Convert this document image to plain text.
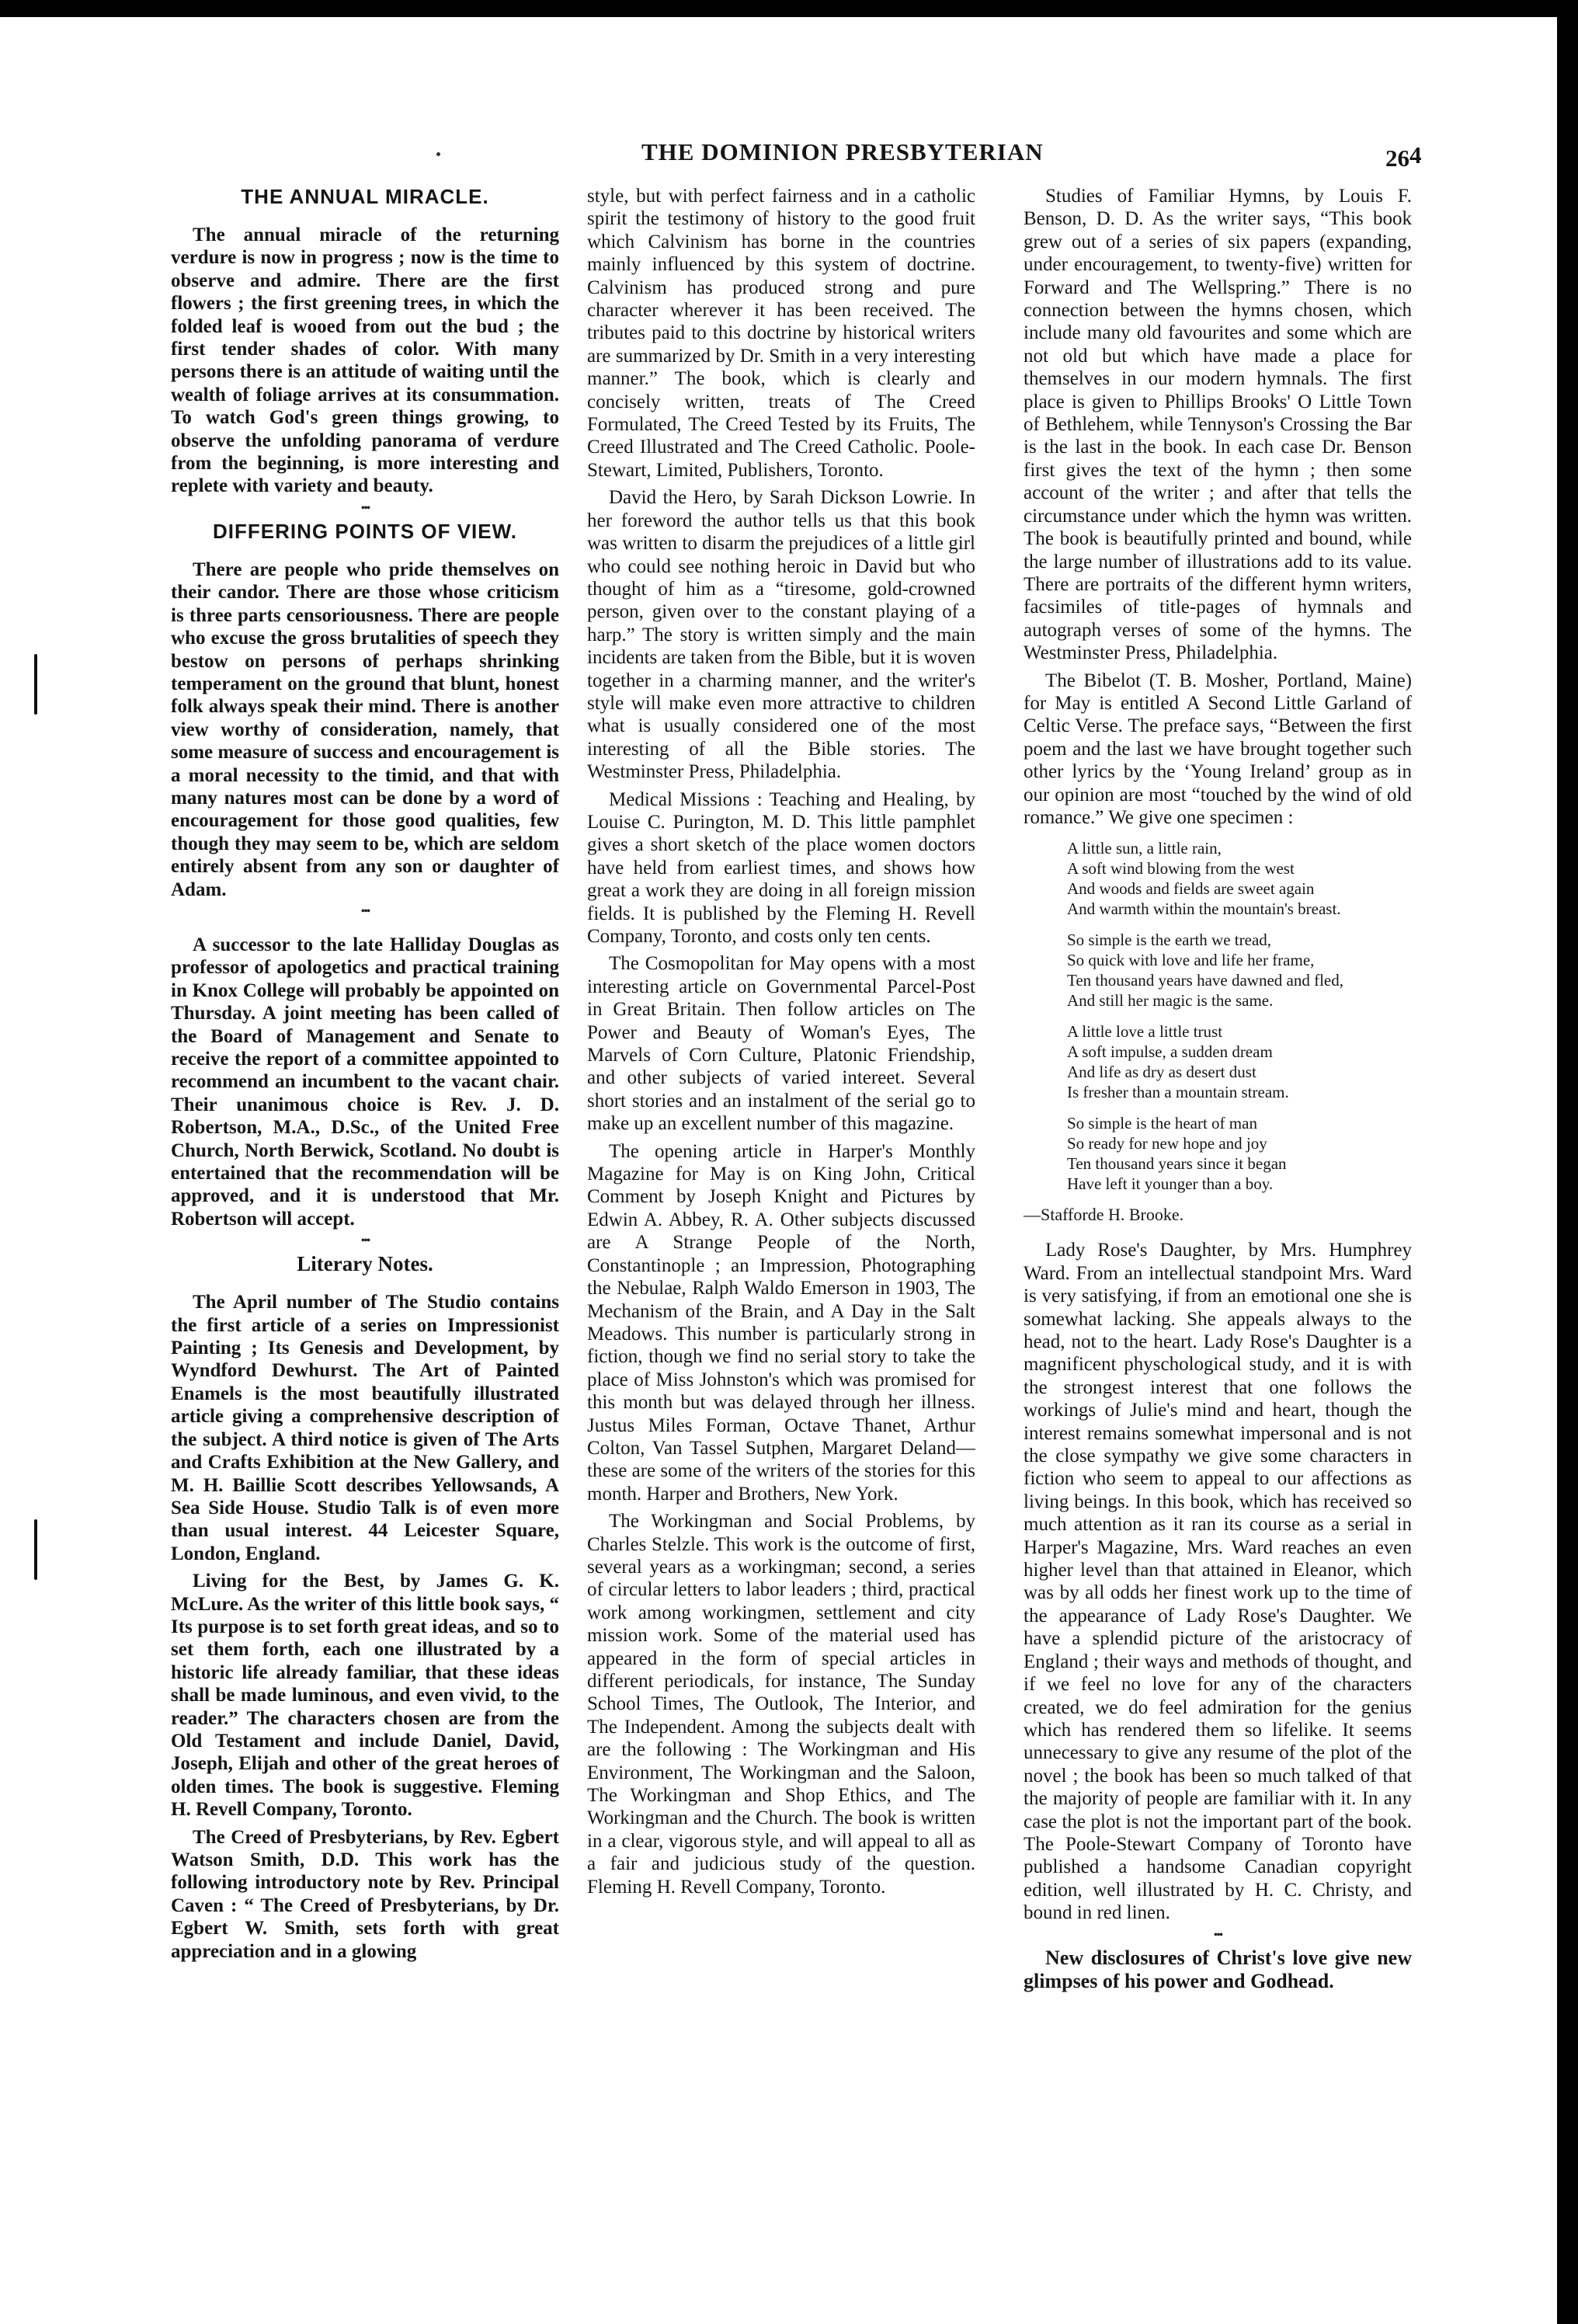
THE DOMINION PRESBYTERIAN	264
THE ANNUAL MIRACLE.

The annual miracle of the returning verdure is now in progress ; now is the time to observe and admire. There are the first flowers ; the first greening trees, in which the folded leaf is wooed from out the bud ; the first tender shades of color. With many persons there is an attitude of waiting until the wealth of foliage arrives at its consummation. To watch God's green things growing, to observe the unfolding panorama of verdure from the beginning, is more interesting and replete with variety and beauty.

•••
DIFFERING POINTS OF VIEW.

There are people who pride themselves on their candor. There are those whose criticism is three parts censoriousness. There are people who excuse the gross brutalities of speech they bestow on persons of perhaps shrinking temperament on the ground that blunt, honest folk always speak their mind. There is another view worthy of consideration, namely, that some measure of success and encouragement is a moral necessity to the timid, and that with many natures most can be done by a word of encouragement for those good qualities, few though they may seem to be, which are seldom entirely absent from any son or daughter of Adam.

•••

A successor to the late Halliday Douglas as professor of apologetics and practical training in Knox College will probably be appointed on Thursday. A joint meeting has been called of the Board of Management and Senate to receive the report of a committee appointed to recommend an incumbent to the vacant chair. Their unanimous choice is Rev. J. D. Robertson, M.A., D.Sc., of the United Free Church, North Berwick, Scotland. No doubt is entertained that the recommendation will be approved, and it is understood that Mr. Robertson will accept.

•••
Literary Notes.

The April number of The Studio contains the first article of a series on Impressionist Painting ; Its Genesis and Development, by Wyndford Dewhurst. The Art of Painted Enamels is the most beautifully illustrated article giving a comprehensive description of the subject. A third notice is given of The Arts and Crafts Exhibition at the New Gallery, and M. H. Baillie Scott describes Yellowsands, A Sea Side House. Studio Talk is of even more than usual interest. 44 Leicester Square, London, England.

Living for the Best, by James G. K. McLure. As the writer of this little book says, “ Its purpose is to set forth great ideas, and so to set them forth, each one illustrated by a historic life already familiar, that these ideas shall be made luminous, and even vivid, to the reader.” The characters chosen are from the Old Testament and include Daniel, David, Joseph, Elijah and other of the great heroes of olden times. The book is suggestive. Fleming H. Revell Company, Toronto.

The Creed of Presbyterians, by Rev. Egbert Watson Smith, D.D. This work has the following introductory note by Rev. Principal Caven : “ The Creed of Presbyterians, by Dr. Egbert W. Smith, sets forth with great appreciation and in a glowing

style, but with perfect fairness and in a catholic spirit the testimony of history to the good fruit which Calvinism has borne in the countries mainly influenced by this system of doctrine. Calvinism has produced strong and pure character wherever it has been received. The tributes paid to this doctrine by historical writers are summarized by Dr. Smith in a very interesting manner.” The book, which is clearly and concisely written, treats of The Creed Formulated, The Creed Tested by its Fruits, The Creed Illustrated and The Creed Catholic. Poole-Stewart, Limited, Publishers, Toronto.

David the Hero, by Sarah Dickson Lowrie. In her foreword the author tells us that this book was written to disarm the prejudices of a little girl who could see nothing heroic in David but who thought of him as a “tiresome, gold-crowned person, given over to the constant playing of a harp.” The story is written simply and the main incidents are taken from the Bible, but it is woven together in a charming manner, and the writer's style will make even more attractive to children what is usually considered one of the most interesting of all the Bible stories. The Westminster Press, Philadelphia.

Medical Missions : Teaching and Healing, by Louise C. Purington, M. D. This little pamphlet gives a short sketch of the place women doctors have held from earliest times, and shows how great a work they are doing in all foreign mission fields. It is published by the Fleming H. Revell Company, Toronto, and costs only ten cents.

The Cosmopolitan for May opens with a most interesting article on Governmental Parcel-Post in Great Britain. Then follow articles on The Power and Beauty of Woman's Eyes, The Marvels of Corn Culture, Platonic Friendship, and other subjects of varied intereet. Several short stories and an instalment of the serial go to make up an excellent number of this magazine.

The opening article in Harper's Monthly Magazine for May is on King John, Critical Comment by Joseph Knight and Pictures by Edwin A. Abbey, R. A. Other subjects discussed are A Strange People of the North, Constantinople ; an Impression, Photographing the Nebulae, Ralph Waldo Emerson in 1903, The Mechanism of the Brain, and A Day in the Salt Meadows. This number is particularly strong in fiction, though we find no serial story to take the place of Miss Johnston's which was promised for this month but was delayed through her illness. Justus Miles Forman, Octave Thanet, Arthur Colton, Van Tassel Sutphen, Margaret Deland—these are some of the writers of the stories for this month. Harper and Brothers, New York.

The Workingman and Social Problems, by Charles Stelzle. This work is the outcome of first, several years as a workingman; second, a series of circular letters to labor leaders ; third, practical work among workingmen, settlement and city mission work. Some of the material used has appeared in the form of special articles in different periodicals, for instance, The Sunday School Times, The Outlook, The Interior, and The Independent. Among the subjects dealt with are the following : The Workingman and His Environment, The Workingman and the Saloon, The Workingman and Shop Ethics, and The Workingman and the Church. The book is written in a clear, vigorous style, and will appeal to all as a fair and judicious study of the question. Fleming H. Revell Company, Toronto.

Studies of Familiar Hymns, by Louis F. Benson, D. D. As the writer says, “This book grew out of a series of six papers (expanding, under encouragement, to twenty-five) written for Forward and The Wellspring.” There is no connection between the hymns chosen, which include many old favourites and some which are not old but which have made a place for themselves in our modern hymnals. The first place is given to Phillips Brooks' O Little Town of Bethlehem, while Tennyson's Crossing the Bar is the last in the book. In each case Dr. Benson first gives the text of the hymn ; then some account of the writer ; and after that tells the circumstance under which the hymn was written. The book is beautifully printed and bound, while the large number of illustrations add to its value. There are portraits of the different hymn writers, facsimiles of title-pages of hymnals and autograph verses of some of the hymns. The Westminster Press, Philadelphia.

The Bibelot (T. B. Mosher, Portland, Maine) for May is entitled A Second Little Garland of Celtic Verse. The preface says, “Between the first poem and the last we have brought together such other lyrics by the ‘Young Ireland’ group as in our opinion are most “touched by the wind of old romance.” We give one specimen :

A little sun, a little rain,
A soft wind blowing from the west
And woods and fields are sweet again
And warmth within the mountain's breast.
So simple is the earth we tread,
So quick with love and life her frame,
Ten thousand years have dawned and fled,
And still her magic is the same.
A little love a little trust
A soft impulse, a sudden dream
And life as dry as desert dust
Is fresher than a mountain stream.
So simple is the heart of man
So ready for new hope and joy
Ten thousand years since it began
Have left it younger than a boy.
—Stafforde H. Brooke.

Lady Rose's Daughter, by Mrs. Humphrey Ward. From an intellectual standpoint Mrs. Ward is very satisfying, if from an emotional one she is somewhat lacking. She appeals always to the head, not to the heart. Lady Rose's Daughter is a magnificent physchological study, and it is with the strongest interest that one follows the workings of Julie's mind and heart, though the interest remains somewhat impersonal and is not the close sympathy we give some characters in fiction who seem to appeal to our affections as living beings. In this book, which has received so much attention as it ran its course as a serial in Harper's Magazine, Mrs. Ward reaches an even higher level than that attained in Eleanor, which was by all odds her finest work up to the time of the appearance of Lady Rose's Daughter. We have a splendid picture of the aristocracy of England ; their ways and methods of thought, and if we feel no love for any of the characters created, we do feel admiration for the genius which has rendered them so lifelike. It seems unnecessary to give any resume of the plot of the novel ; the book has been so much talked of that the majority of people are familiar with it. In any case the plot is not the important part of the book. The Poole-Stewart Company of Toronto have published a handsome Canadian copyright edition, well illustrated by H. C. Christy, and bound in red linen.

•••
New disclosures of Christ's love give new glimpses of his power and Godhead.
